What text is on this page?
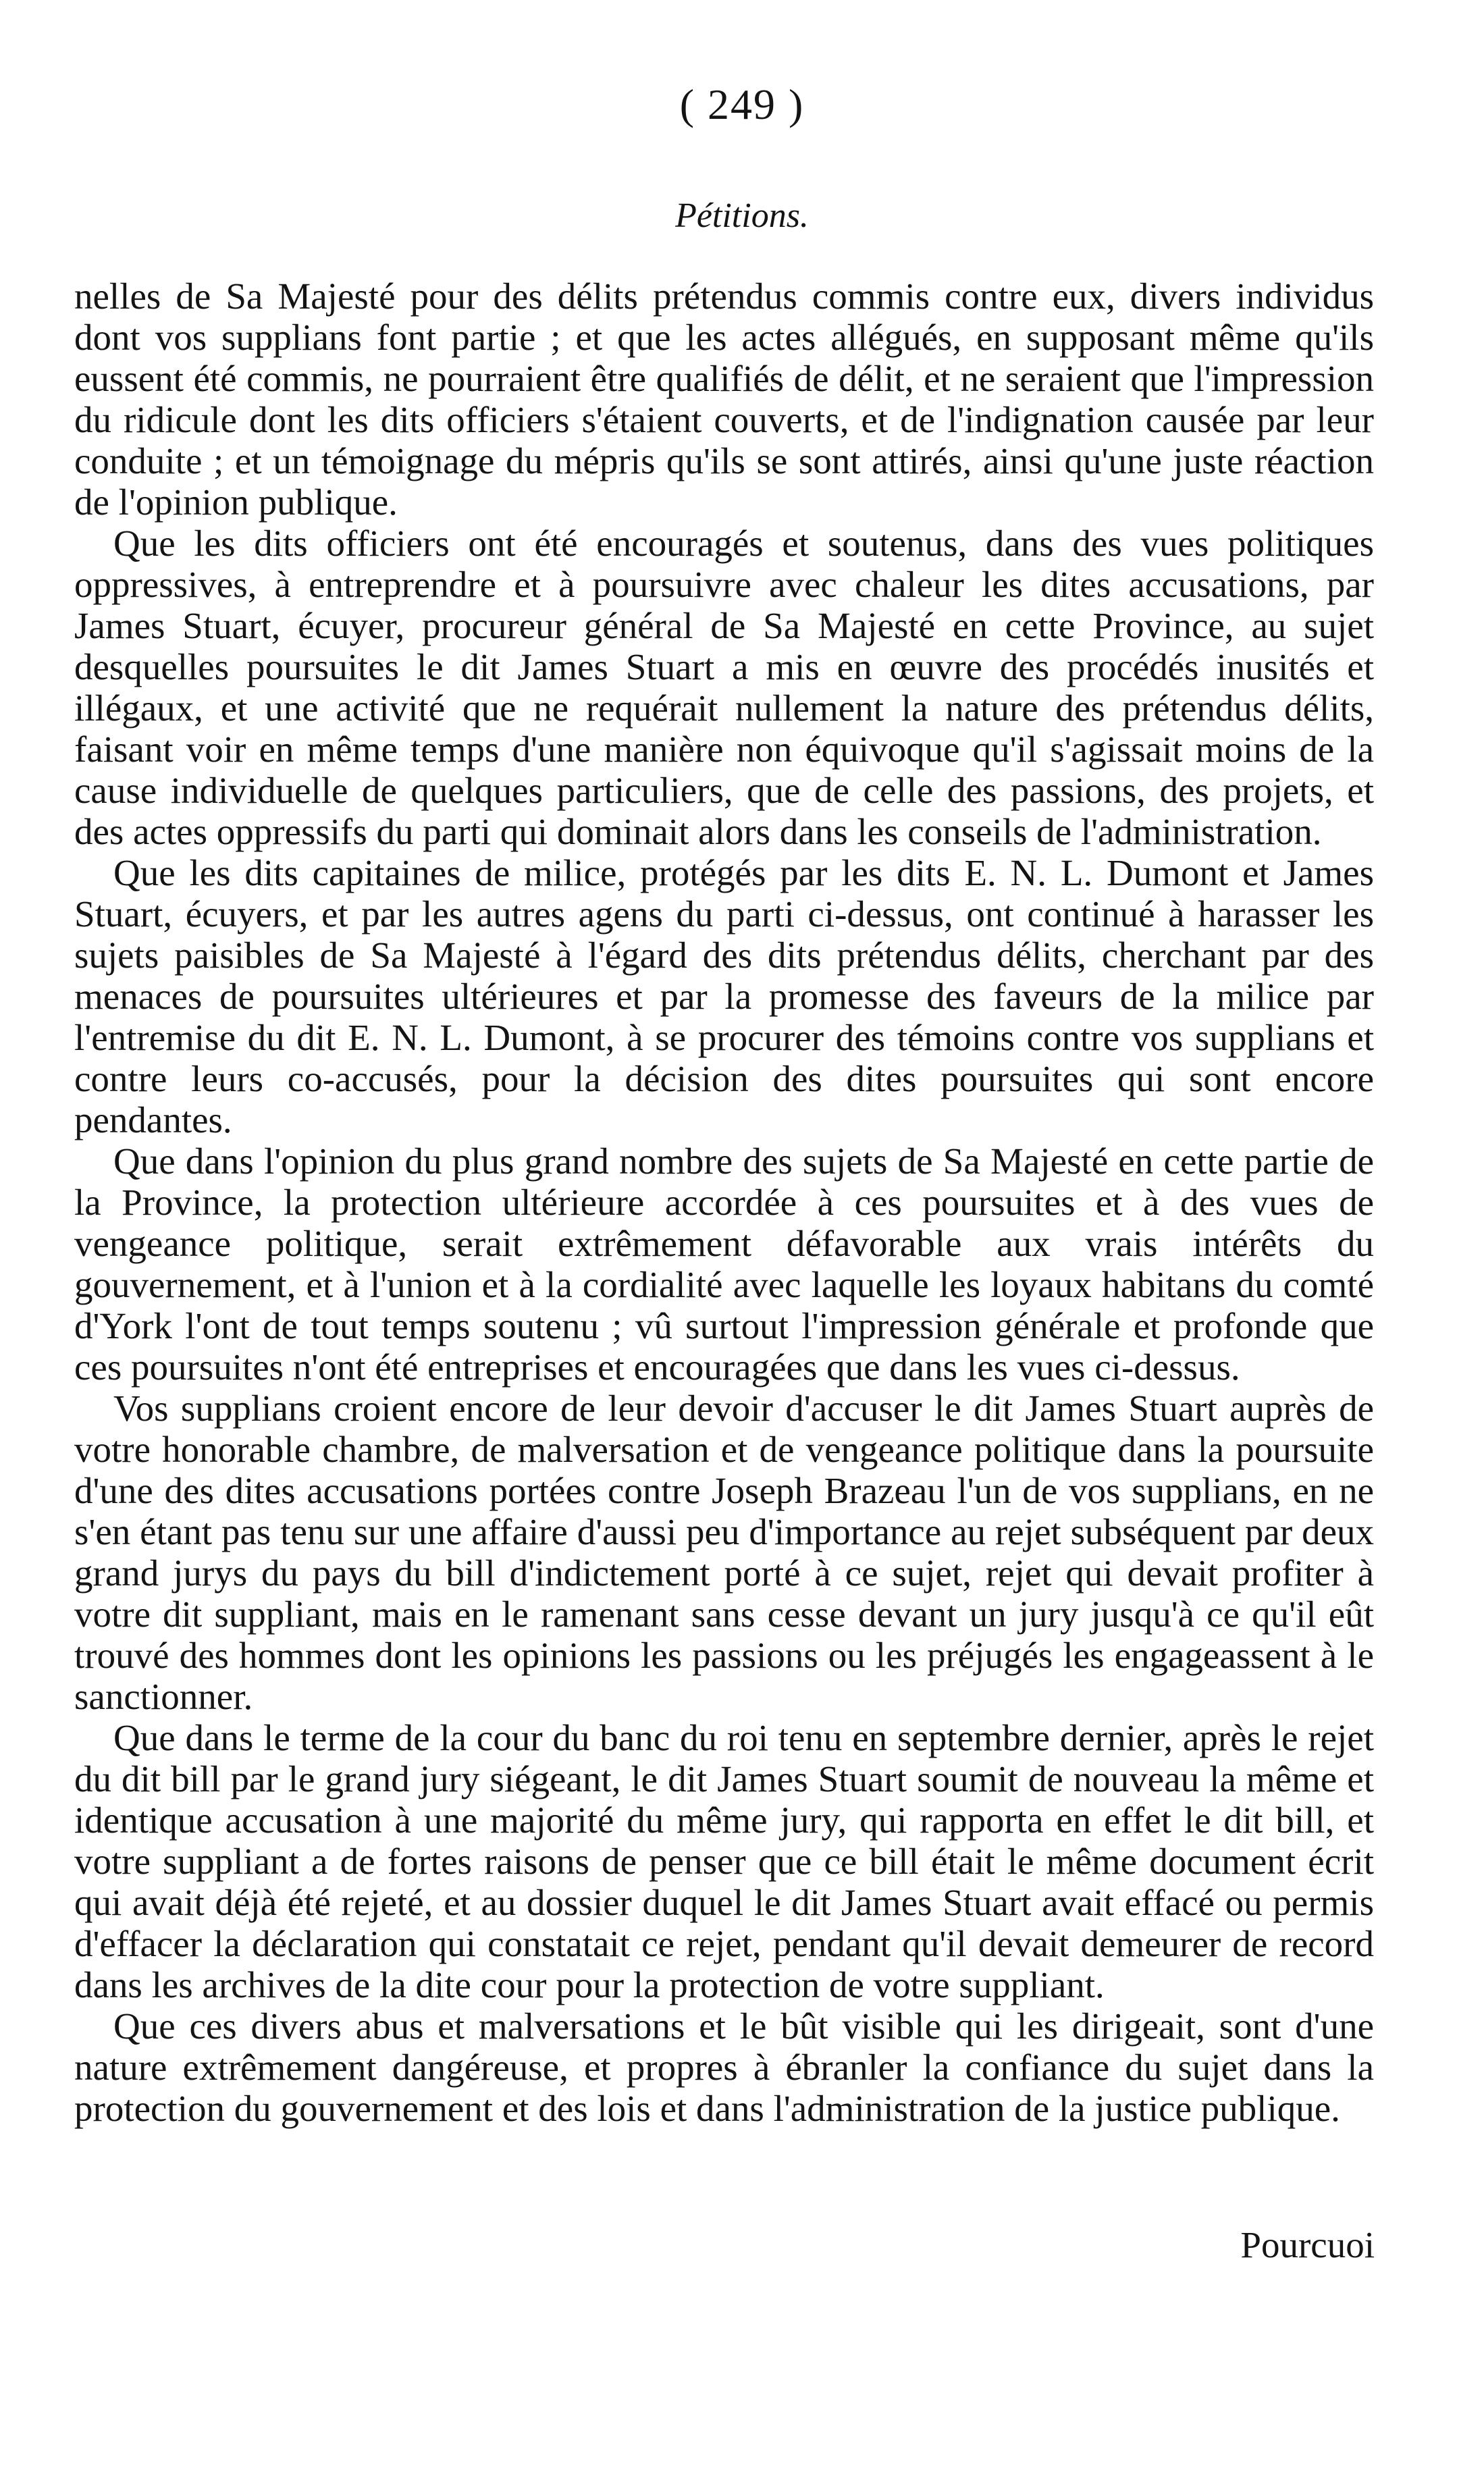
( 249 )
Pétitions.

nelles de Sa Majesté pour des délits prétendus commis contre eux, divers individus dont vos supplians font partie ; et que les actes allégués, en supposant même qu'ils eussent été commis, ne pourraient être qualifiés de délit, et ne seraient que l'impression du ridicule dont les dits officiers s'étaient couverts, et de l'indignation causée par leur conduite ; et un témoignage du mépris qu'ils se sont attirés, ainsi qu'une juste réaction de l'opinion publique.

Que les dits officiers ont été encouragés et soutenus, dans des vues politiques oppressives, à entreprendre et à poursuivre avec chaleur les dites accusations, par James Stuart, écuyer, procureur général de Sa Majesté en cette Province, au sujet desquelles poursuites le dit James Stuart a mis en œuvre des procédés inusités et illégaux, et une activité que ne requérait nullement la nature des prétendus délits, faisant voir en même temps d'une manière non équivoque qu'il s'agissait moins de la cause individuelle de quelques particuliers, que de celle des passions, des projets, et des actes oppressifs du parti qui dominait alors dans les conseils de l'administration.

Que les dits capitaines de milice, protégés par les dits E. N. L. Dumont et James Stuart, écuyers, et par les autres agens du parti ci-dessus, ont continué à harasser les sujets paisibles de Sa Majesté à l'égard des dits prétendus délits, cherchant par des menaces de poursuites ultérieures et par la promesse des faveurs de la milice par l'entremise du dit E. N. L. Dumont, à se procurer des témoins contre vos supplians et contre leurs co-accusés, pour la décision des dites poursuites qui sont encore pendantes.

Que dans l'opinion du plus grand nombre des sujets de Sa Majesté en cette partie de la Province, la protection ultérieure accordée à ces poursuites et à des vues de vengeance politique, serait extrêmement défavorable aux vrais intérêts du gouvernement, et à l'union et à la cordialité avec laquelle les loyaux habitans du comté d'York l'ont de tout temps soutenu ; vû surtout l'impression générale et profonde que ces poursuites n'ont été entreprises et encouragées que dans les vues ci-dessus.

Vos supplians croient encore de leur devoir d'accuser le dit James Stuart auprès de votre honorable chambre, de malversation et de vengeance politique dans la poursuite d'une des dites accusations portées contre Joseph Brazeau l'un de vos supplians, en ne s'en étant pas tenu sur une affaire d'aussi peu d'importance au rejet subséquent par deux grand jurys du pays du bill d'indictement porté à ce sujet, rejet qui devait profiter à votre dit suppliant, mais en le ramenant sans cesse devant un jury jusqu'à ce qu'il eût trouvé des hommes dont les opinions les passions ou les préjugés les engageassent à le sanctionner.

Que dans le terme de la cour du banc du roi tenu en septembre dernier, après le rejet du dit bill par le grand jury siégeant, le dit James Stuart soumit de nouveau la même et identique accusation à une majorité du même jury, qui rapporta en effet le dit bill, et votre suppliant a de fortes raisons de penser que ce bill était le même document écrit qui avait déjà été rejeté, et au dossier duquel le dit James Stuart avait effacé ou permis d'effacer la déclaration qui constatait ce rejet, pendant qu'il devait demeurer de record dans les archives de la dite cour pour la protection de votre suppliant.

Que ces divers abus et malversations et le bût visible qui les dirigeait, sont d'une nature extrêmement dangéreuse, et propres à ébranler la confiance du sujet dans la protection du gouvernement et des lois et dans l'administration de la justice publique.

Pourcuoi
